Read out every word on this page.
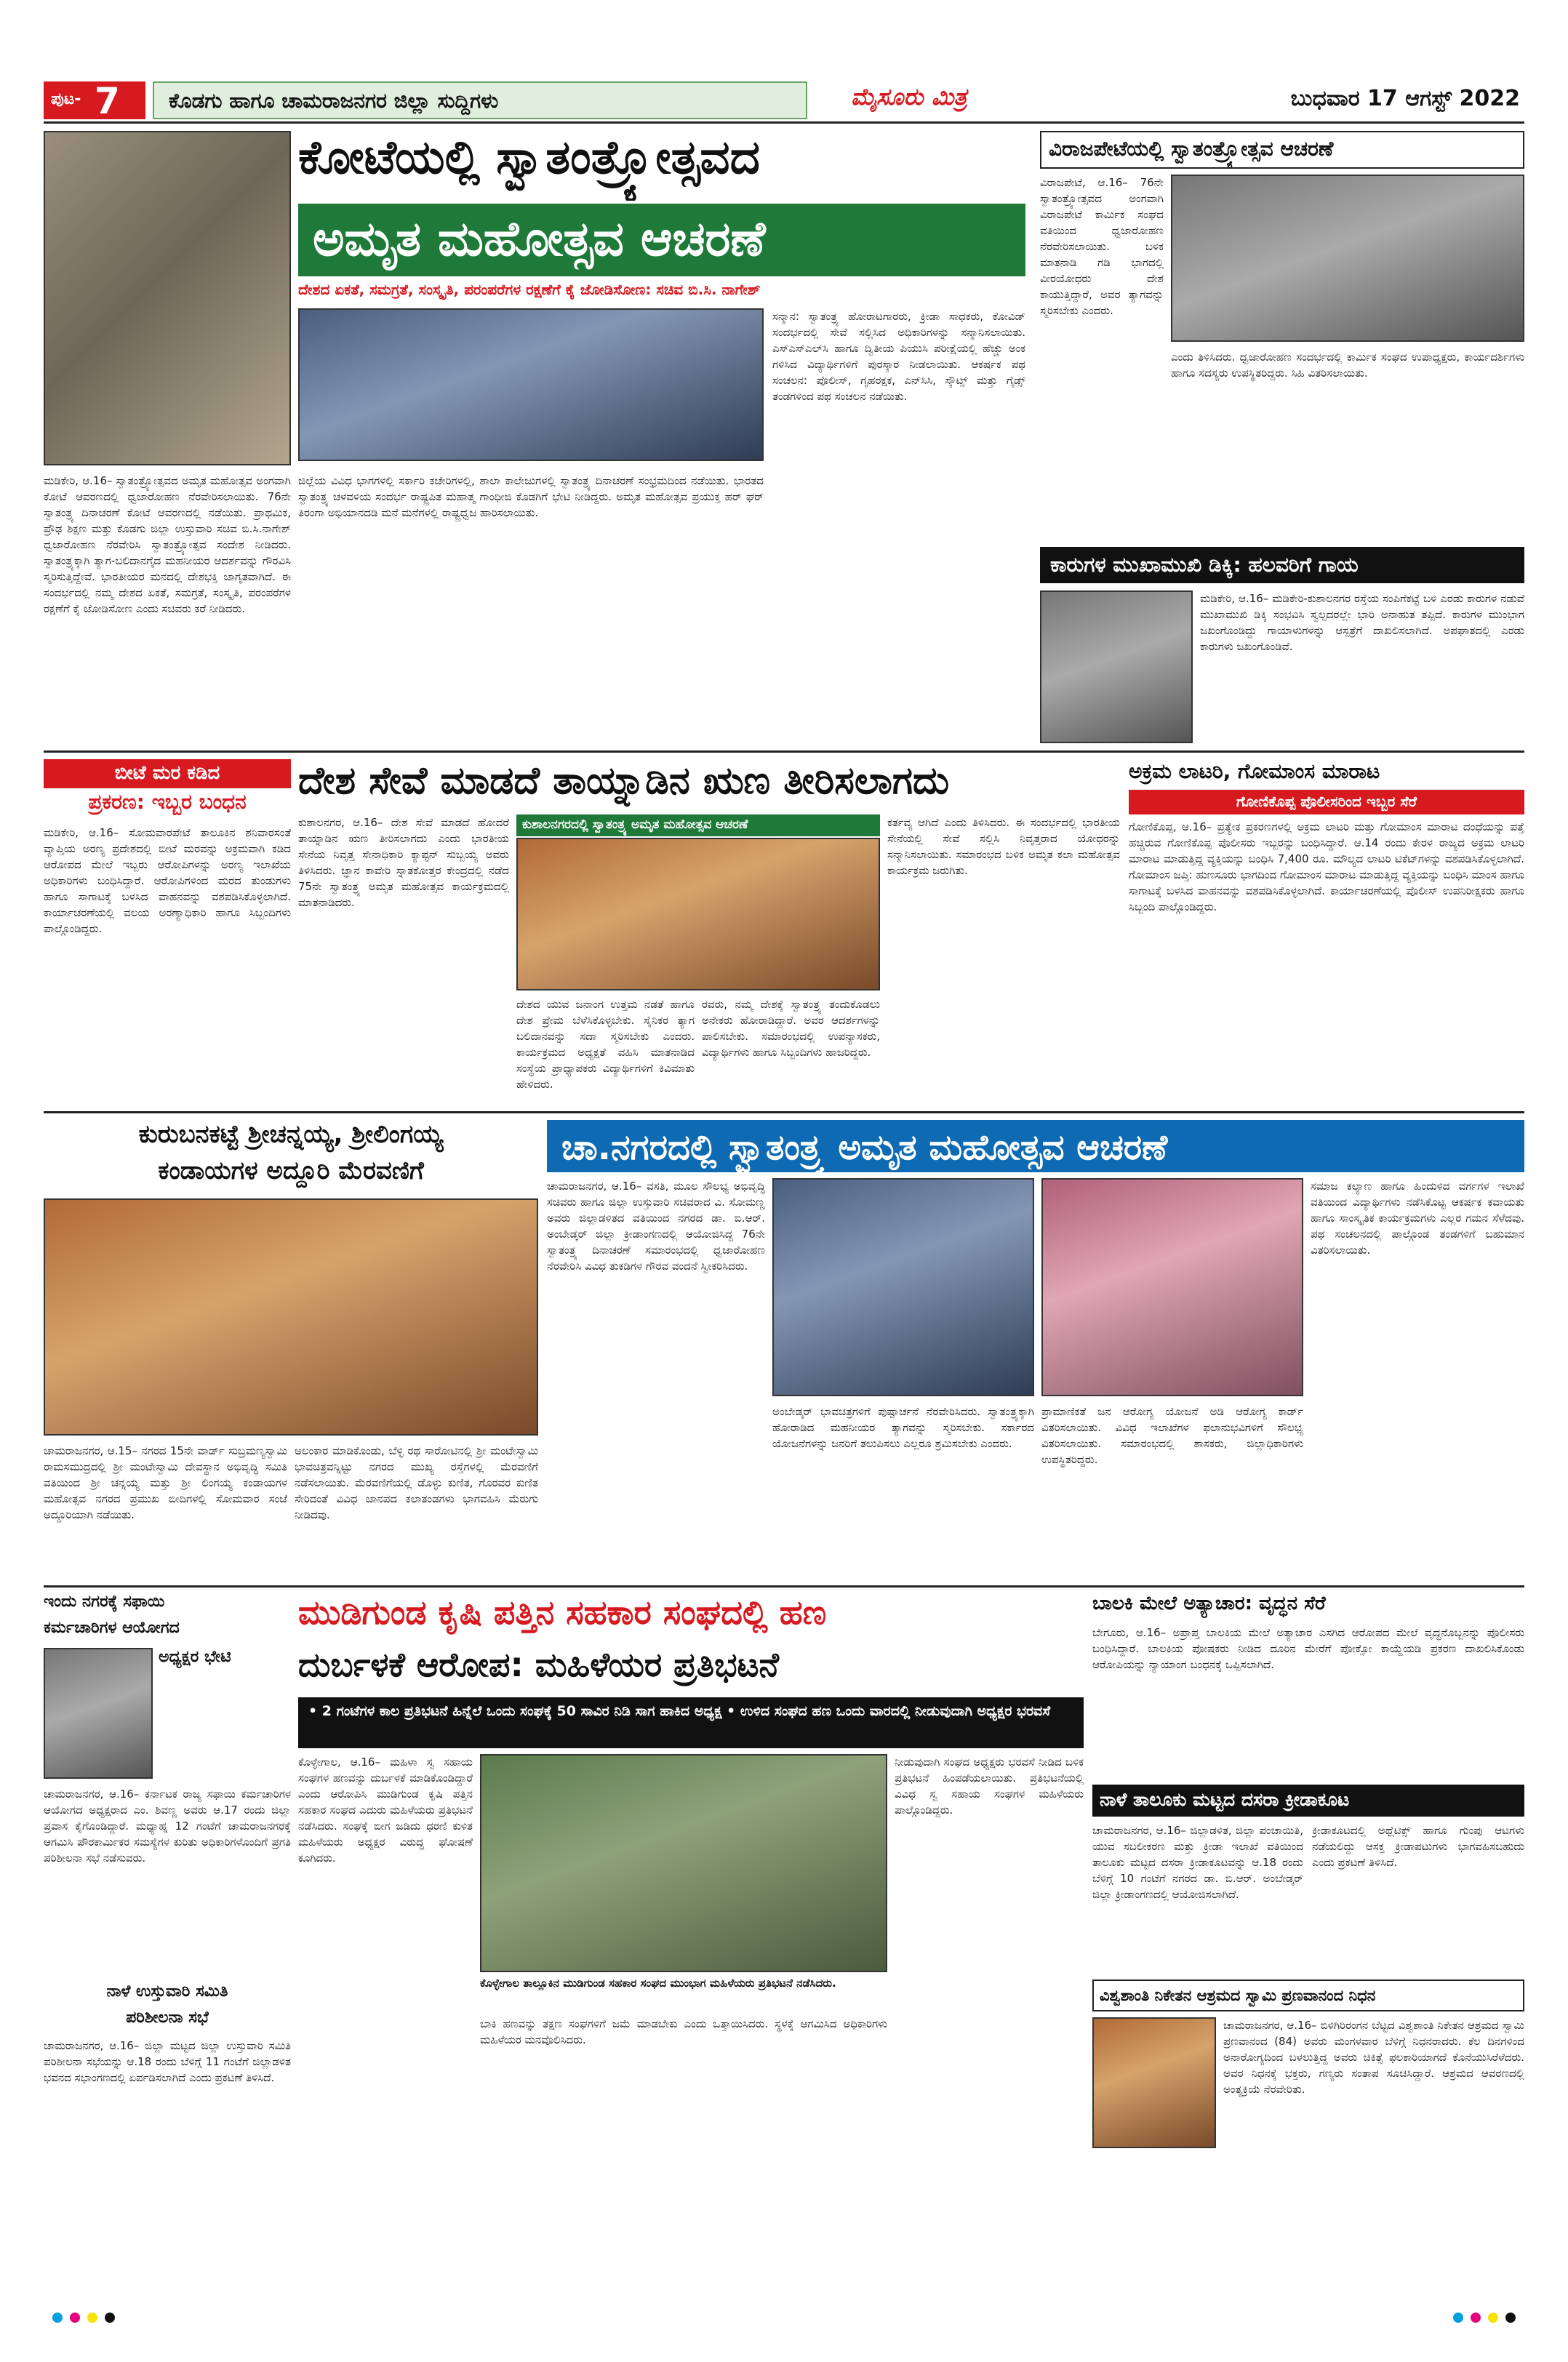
ಪುಟ- 7 ಕೊಡಗು ಹಾಗೂ ಚಾಮರಾಜನಗರ ಜಿಲ್ಲಾ ಸುದ್ದಿಗಳು	ಮೈಸೂರು ಮಿತ್ರ	ಬುಧವಾರ 17 ಆಗಸ್ಟ್ 2022
ಕೋಟೆಯಲ್ಲಿ ಸ್ವಾತಂತ್ರ್ಯೋತ್ಸವದ
ಅಮೃತ ಮಹೋತ್ಸವ ಆಚರಣೆ
ದೇಶದ ಏಕತೆ, ಸಮಗ್ರತೆ, ಸಂಸ್ಕೃತಿ, ಪರಂಪರೆಗಳ ರಕ್ಷಣೆಗೆ ಕೈ ಜೋಡಿಸೋಣ: ಸಚಿವ ಬಿ.ಸಿ. ನಾಗೇಶ್
ಸನ್ಮಾನ: ಸ್ವಾತಂತ್ರ್ಯ ಹೋರಾಟಗಾರರು, ಕ್ರೀಡಾ ಸಾಧಕರು, ಕೋವಿಡ್ ಸಂದರ್ಭದಲ್ಲಿ ಸೇವೆ ಸಲ್ಲಿಸಿದ ಅಧಿಕಾರಿಗಳನ್ನು ಸನ್ಮಾನಿಸಲಾಯಿತು. ಎಸ್‌ಎಸ್‌ಎಲ್‌ಸಿ ಹಾಗೂ ದ್ವಿತೀಯ ಪಿಯುಸಿ ಪರೀಕ್ಷೆಯಲ್ಲಿ ಹೆಚ್ಚು ಅಂಕ ಗಳಿಸಿದ ವಿದ್ಯಾರ್ಥಿಗಳಿಗೆ ಪುರಸ್ಕಾರ ನೀಡಲಾಯಿತು. ಆಕರ್ಷಕ ಪಥ ಸಂಚಲನ: ಪೊಲೀಸ್, ಗೃಹರಕ್ಷಕ, ಎನ್‌ಸಿಸಿ, ಸ್ಕೌಟ್ಸ್ ಮತ್ತು ಗೈಡ್ಸ್ ತಂಡಗಳಿಂದ ಪಥ ಸಂಚಲನ ನಡೆಯಿತು.
ಮಡಿಕೇರಿ, ಆ.16– ಸ್ವಾತಂತ್ರ್ಯೋತ್ಸವದ ಅಮೃತ ಮಹೋತ್ಸವ ಅಂಗವಾಗಿ ಕೋಟೆ ಆವರಣದಲ್ಲಿ ಧ್ವಜಾರೋಹಣ ನೆರವೇರಿಸಲಾಯಿತು. 76ನೇ ಸ್ವಾತಂತ್ರ್ಯ ದಿನಾಚರಣೆ ಕೋಟೆ ಆವರಣದಲ್ಲಿ ನಡೆಯಿತು. ಪ್ರಾಥಮಿಕ, ಪ್ರೌಢ ಶಿಕ್ಷಣ ಮತ್ತು ಕೊಡಗು ಜಿಲ್ಲಾ ಉಸ್ತುವಾರಿ ಸಚಿವ ಬಿ.ಸಿ.ನಾಗೇಶ್ ಧ್ವಜಾರೋಹಣ ನೆರವೇರಿಸಿ ಸ್ವಾತಂತ್ರ್ಯೋತ್ಸವ ಸಂದೇಶ ನೀಡಿದರು. ಸ್ವಾತಂತ್ರ್ಯಕ್ಕಾಗಿ ತ್ಯಾಗ-ಬಲಿದಾನಗೈದ ಮಹನೀಯರ ಆದರ್ಶವನ್ನು ಗೌರವಿಸಿ ಸ್ಮರಿಸುತ್ತಿದ್ದೇವೆ. ಭಾರತೀಯರ ಮನದಲ್ಲಿ ದೇಶಭಕ್ತಿ ಜಾಗೃತವಾಗಿದೆ. ಈ ಸಂದರ್ಭದಲ್ಲಿ ನಮ್ಮ ದೇಶದ ಏಕತೆ, ಸಮಗ್ರತೆ, ಸಂಸ್ಕೃತಿ, ಪರಂಪರೆಗಳ ರಕ್ಷಣೆಗೆ ಕೈ ಜೋಡಿಸೋಣ ಎಂದು ಸಚಿವರು ಕರೆ ನೀಡಿದರು.
ಜಿಲ್ಲೆಯ ವಿವಿಧ ಭಾಗಗಳಲ್ಲಿ ಸರ್ಕಾರಿ ಕಚೇರಿಗಳಲ್ಲಿ, ಶಾಲಾ ಕಾಲೇಜುಗಳಲ್ಲಿ ಸ್ವಾತಂತ್ರ್ಯ ದಿನಾಚರಣೆ ಸಂಭ್ರಮದಿಂದ ನಡೆಯಿತು. ಭಾರತದ ಸ್ವಾತಂತ್ರ್ಯ ಚಳವಳಿಯ ಸಂದರ್ಭ ರಾಷ್ಟ್ರಪಿತ ಮಹಾತ್ಮ ಗಾಂಧೀಜಿ ಕೊಡಗಿಗೆ ಭೇಟಿ ನೀಡಿದ್ದರು. ಅಮೃತ ಮಹೋತ್ಸವ ಪ್ರಯುಕ್ತ ಹರ್ ಘರ್ ತಿರಂಗಾ ಅಭಿಯಾನದಡಿ ಮನೆ ಮನೆಗಳಲ್ಲಿ ರಾಷ್ಟ್ರಧ್ವಜ ಹಾರಿಸಲಾಯಿತು.
ವಿರಾಜಪೇಟೆಯಲ್ಲಿ ಸ್ವಾತಂತ್ರ್ಯೋತ್ಸವ ಆಚರಣೆ
ವಿರಾಜಪೇಟೆ, ಆ.16– 76ನೇ ಸ್ವಾತಂತ್ರ್ಯೋತ್ಸವದ ಅಂಗವಾಗಿ ವಿರಾಜಪೇಟೆ ಕಾರ್ಮಿಕ ಸಂಘದ ವತಿಯಿಂದ ಧ್ವಜಾರೋಹಣ ನೆರವೇರಿಸಲಾಯಿತು. ಬಳಿಕ ಮಾತನಾಡಿ ಗಡಿ ಭಾಗದಲ್ಲಿ ವೀರಯೋಧರು ದೇಶ ಕಾಯುತ್ತಿದ್ದಾರೆ, ಅವರ ತ್ಯಾಗವನ್ನು ಸ್ಮರಿಸಬೇಕು ಎಂದರು.
ಎಂದು ತಿಳಿಸಿದರು. ಧ್ವಜಾರೋಹಣ ಸಂದರ್ಭದಲ್ಲಿ ಕಾರ್ಮಿಕ ಸಂಘದ ಉಪಾಧ್ಯಕ್ಷರು, ಕಾರ್ಯದರ್ಶಿಗಳು ಹಾಗೂ ಸದಸ್ಯರು ಉಪಸ್ಥಿತರಿದ್ದರು. ಸಿಹಿ ವಿತರಿಸಲಾಯಿತು.
ಕಾರುಗಳ ಮುಖಾಮುಖಿ ಡಿಕ್ಕಿ: ಹಲವರಿಗೆ ಗಾಯ
ಮಡಿಕೇರಿ, ಆ.16– ಮಡಿಕೇರಿ-ಕುಶಾಲನಗರ ರಸ್ತೆಯ ಸಂಪಿಗೆಕಟ್ಟೆ ಬಳಿ ಎರಡು ಕಾರುಗಳ ನಡುವೆ ಮುಖಾಮುಖಿ ಡಿಕ್ಕಿ ಸಂಭವಿಸಿ ಸ್ವಲ್ಪದರಲ್ಲೇ ಭಾರಿ ಅನಾಹುತ ತಪ್ಪಿದೆ. ಕಾರುಗಳ ಮುಂಭಾಗ ಜಖಂಗೊಂಡಿದ್ದು ಗಾಯಾಳುಗಳನ್ನು ಆಸ್ಪತ್ರೆಗೆ ದಾಖಲಿಸಲಾಗಿದೆ. ಅಪಘಾತದಲ್ಲಿ ಎರಡು ಕಾರುಗಳು ಜಖಂಗೊಂಡಿವೆ.
ಬೀಟೆ ಮರ ಕಡಿದ
ಪ್ರಕರಣ: ಇಬ್ಬರ ಬಂಧನ
ಮಡಿಕೇರಿ, ಆ.16– ಸೋಮವಾರಪೇಟೆ ತಾಲೂಕಿನ ಶನಿವಾರಸಂತೆ ವ್ಯಾಪ್ತಿಯ ಅರಣ್ಯ ಪ್ರದೇಶದಲ್ಲಿ ಬೀಟೆ ಮರವನ್ನು ಅಕ್ರಮವಾಗಿ ಕಡಿದ ಆರೋಪದ ಮೇಲೆ ಇಬ್ಬರು ಆರೋಪಿಗಳನ್ನು ಅರಣ್ಯ ಇಲಾಖೆಯ ಅಧಿಕಾರಿಗಳು ಬಂಧಿಸಿದ್ದಾರೆ. ಆರೋಪಿಗಳಿಂದ ಮರದ ತುಂಡುಗಳು ಹಾಗೂ ಸಾಗಾಟಕ್ಕೆ ಬಳಸಿದ ವಾಹನವನ್ನು ವಶಪಡಿಸಿಕೊಳ್ಳಲಾಗಿದೆ. ಕಾರ್ಯಾಚರಣೆಯಲ್ಲಿ ವಲಯ ಅರಣ್ಯಾಧಿಕಾರಿ ಹಾಗೂ ಸಿಬ್ಬಂದಿಗಳು ಪಾಲ್ಗೊಂಡಿದ್ದರು.
ದೇಶ ಸೇವೆ ಮಾಡದೆ ತಾಯ್ನಾಡಿನ ಋಣ ತೀರಿಸಲಾಗದು
ಕುಶಾಲನಗರ, ಆ.16– ದೇಶ ಸೇವೆ ಮಾಡದೆ ಹೋದರೆ ತಾಯ್ನಾಡಿನ ಋಣ ತೀರಿಸಲಾಗದು ಎಂದು ಭಾರತೀಯ ಸೇನೆಯ ನಿವೃತ್ತ ಸೇನಾಧಿಕಾರಿ ಕ್ಯಾಪ್ಟನ್ ಸುಬ್ಬಯ್ಯ ಅವರು ತಿಳಿಸಿದರು. ಜ್ಞಾನ ಕಾವೇರಿ ಸ್ನಾತಕೋತ್ತರ ಕೇಂದ್ರದಲ್ಲಿ ನಡೆದ 75ನೇ ಸ್ವಾತಂತ್ರ್ಯ ಅಮೃತ ಮಹೋತ್ಸವ ಕಾರ್ಯಕ್ರಮದಲ್ಲಿ ಮಾತನಾಡಿದರು.
ಕುಶಾಲನಗರದಲ್ಲಿ ಸ್ವಾತಂತ್ರ್ಯ ಅಮೃತ ಮಹೋತ್ಸವ ಆಚರಣೆ
ದೇಶದ ಯುವ ಜನಾಂಗ ಉತ್ತಮ ನಡತೆ ಹಾಗೂ ದೇಶ ಪ್ರೇಮ ಬೆಳೆಸಿಕೊಳ್ಳಬೇಕು. ಸೈನಿಕರ ತ್ಯಾಗ ಬಲಿದಾನವನ್ನು ಸದಾ ಸ್ಮರಿಸಬೇಕು ಎಂದರು. ಕಾರ್ಯಕ್ರಮದ ಅಧ್ಯಕ್ಷತೆ ವಹಿಸಿ ಮಾತನಾಡಿದ ಸಂಸ್ಥೆಯ ಪ್ರಾಧ್ಯಾಪಕರು ವಿದ್ಯಾರ್ಥಿಗಳಿಗೆ ಕಿವಿಮಾತು ಹೇಳಿದರು.
ರವರು, ನಮ್ಮ ದೇಶಕ್ಕೆ ಸ್ವಾತಂತ್ರ್ಯ ತಂದುಕೊಡಲು ಅನೇಕರು ಹೋರಾಡಿದ್ದಾರೆ. ಅವರ ಆದರ್ಶಗಳನ್ನು ಪಾಲಿಸಬೇಕು. ಸಮಾರಂಭದಲ್ಲಿ ಉಪನ್ಯಾಸಕರು, ವಿದ್ಯಾರ್ಥಿಗಳು ಹಾಗೂ ಸಿಬ್ಬಂದಿಗಳು ಹಾಜರಿದ್ದರು.
ಕರ್ತವ್ಯ ಆಗಿದೆ ಎಂದು ತಿಳಿಸಿದರು. ಈ ಸಂದರ್ಭದಲ್ಲಿ ಭಾರತೀಯ ಸೇನೆಯಲ್ಲಿ ಸೇವೆ ಸಲ್ಲಿಸಿ ನಿವೃತ್ತರಾದ ಯೋಧರನ್ನು ಸನ್ಮಾನಿಸಲಾಯಿತು. ಸಮಾರಂಭದ ಬಳಿಕ ಅಮೃತ ಕಲಾ ಮಹೋತ್ಸವ ಕಾರ್ಯಕ್ರಮ ಜರುಗಿತು.
ಅಕ್ರಮ ಲಾಟರಿ, ಗೋಮಾಂಸ ಮಾರಾಟ
ಗೋಣಿಕೊಪ್ಪ ಪೊಲೀಸರಿಂದ ಇಬ್ಬರ ಸೆರೆ
ಗೋಣಿಕೊಪ್ಪ, ಆ.16– ಪ್ರತ್ಯೇಕ ಪ್ರಕರಣಗಳಲ್ಲಿ ಅಕ್ರಮ ಲಾಟರಿ ಮತ್ತು ಗೋಮಾಂಸ ಮಾರಾಟ ದಂಧೆಯನ್ನು ಪತ್ತೆ ಹಚ್ಚಿರುವ ಗೋಣಿಕೊಪ್ಪ ಪೊಲೀಸರು ಇಬ್ಬರನ್ನು ಬಂಧಿಸಿದ್ದಾರೆ. ಆ.14 ರಂದು ಕೇರಳ ರಾಜ್ಯದ ಅಕ್ರಮ ಲಾಟರಿ ಮಾರಾಟ ಮಾಡುತ್ತಿದ್ದ ವ್ಯಕ್ತಿಯನ್ನು ಬಂಧಿಸಿ 7,400 ರೂ. ಮೌಲ್ಯದ ಲಾಟರಿ ಟಿಕೆಟ್‌ಗಳನ್ನು ವಶಪಡಿಸಿಕೊಳ್ಳಲಾಗಿದೆ. ಗೋಮಾಂಸ ಜಪ್ತಿ: ಹುಣಸೂರು ಭಾಗದಿಂದ ಗೋಮಾಂಸ ಮಾರಾಟ ಮಾಡುತ್ತಿದ್ದ ವ್ಯಕ್ತಿಯನ್ನು ಬಂಧಿಸಿ ಮಾಂಸ ಹಾಗೂ ಸಾಗಾಟಕ್ಕೆ ಬಳಸಿದ ವಾಹನವನ್ನು ವಶಪಡಿಸಿಕೊಳ್ಳಲಾಗಿದೆ. ಕಾರ್ಯಾಚರಣೆಯಲ್ಲಿ ಪೊಲೀಸ್ ಉಪನಿರೀಕ್ಷಕರು ಹಾಗೂ ಸಿಬ್ಬಂದಿ ಪಾಲ್ಗೊಂಡಿದ್ದರು.
ಕುರುಬನಕಟ್ಟೆ ಶ್ರೀಚನ್ನಯ್ಯ, ಶ್ರೀಲಿಂಗಯ್ಯ
ಕಂಡಾಯಗಳ ಅದ್ದೂರಿ ಮೆರವಣಿಗೆ
ಚಾಮರಾಜನಗರ, ಆ.15– ನಗರದ 15ನೇ ವಾರ್ಡ್ ಸುಬ್ರಮಣ್ಯಸ್ವಾಮಿ ರಾಮಸಮುದ್ರದಲ್ಲಿ ಶ್ರೀ ಮಂಟೇಸ್ವಾಮಿ ದೇವಸ್ಥಾನ ಅಭಿವೃದ್ಧಿ ಸಮಿತಿ ವತಿಯಿಂದ ಶ್ರೀ ಚನ್ನಯ್ಯ ಮತ್ತು ಶ್ರೀ ಲಿಂಗಯ್ಯ ಕಂಡಾಯಗಳ ಮಹೋತ್ಸವ ನಗರದ ಪ್ರಮುಖ ಬೀದಿಗಳಲ್ಲಿ ಸೋಮವಾರ ಸಂಜೆ ಅದ್ದೂರಿಯಾಗಿ ನಡೆಯಿತು.
ಅಲಂಕಾರ ಮಾಡಿಕೊಂಡು, ಬೆಳ್ಳಿ ರಥ ಸಾರೋಟಿನಲ್ಲಿ ಶ್ರೀ ಮಂಟೇಸ್ವಾಮಿ ಭಾವಚಿತ್ರವನ್ನಿಟ್ಟು ನಗರದ ಮುಖ್ಯ ರಸ್ತೆಗಳಲ್ಲಿ ಮೆರವಣಿಗೆ ನಡೆಸಲಾಯಿತು. ಮೆರವಣಿಗೆಯಲ್ಲಿ ಡೊಳ್ಳು ಕುಣಿತ, ಗೊರವರ ಕುಣಿತ ಸೇರಿದಂತೆ ವಿವಿಧ ಜಾನಪದ ಕಲಾತಂಡಗಳು ಭಾಗವಹಿಸಿ ಮೆರುಗು ನೀಡಿದವು.
ಚಾ.ನಗರದಲ್ಲಿ ಸ್ವಾತಂತ್ರ್ಯ ಅಮೃತ ಮಹೋತ್ಸವ ಆಚರಣೆ
ಚಾಮರಾಜನಗರ, ಆ.16– ವಸತಿ, ಮೂಲ ಸೌಲಭ್ಯ ಅಭಿವೃದ್ಧಿ ಸಚಿವರು ಹಾಗೂ ಜಿಲ್ಲಾ ಉಸ್ತುವಾರಿ ಸಚಿವರಾದ ವಿ. ಸೋಮಣ್ಣ ಅವರು ಜಿಲ್ಲಾಡಳಿತದ ವತಿಯಿಂದ ನಗರದ ಡಾ. ಬಿ.ಆರ್. ಅಂಬೇಡ್ಕರ್ ಜಿಲ್ಲಾ ಕ್ರೀಡಾಂಗಣದಲ್ಲಿ ಆಯೋಜಿಸಿದ್ದ 76ನೇ ಸ್ವಾತಂತ್ರ್ಯ ದಿನಾಚರಣೆ ಸಮಾರಂಭದಲ್ಲಿ ಧ್ವಜಾರೋಹಣ ನೆರವೇರಿಸಿ ವಿವಿಧ ತುಕಡಿಗಳ ಗೌರವ ವಂದನೆ ಸ್ವೀಕರಿಸಿದರು.
ಸಮಾಜ ಕಲ್ಯಾಣ ಹಾಗೂ ಹಿಂದುಳಿದ ವರ್ಗಗಳ ಇಲಾಖೆ ವತಿಯಿಂದ ವಿದ್ಯಾರ್ಥಿಗಳು ನಡೆಸಿಕೊಟ್ಟ ಆಕರ್ಷಕ ಕವಾಯತು ಹಾಗೂ ಸಾಂಸ್ಕೃತಿಕ ಕಾರ್ಯಕ್ರಮಗಳು ಎಲ್ಲರ ಗಮನ ಸೆಳೆದವು. ಪಥ ಸಂಚಲನದಲ್ಲಿ ಪಾಲ್ಗೊಂಡ ತಂಡಗಳಿಗೆ ಬಹುಮಾನ ವಿತರಿಸಲಾಯಿತು.
ಅಂಬೇಡ್ಕರ್ ಭಾವಚಿತ್ರಗಳಿಗೆ ಪುಷ್ಪಾರ್ಚನೆ ನೆರವೇರಿಸಿದರು. ಸ್ವಾತಂತ್ರ್ಯಕ್ಕಾಗಿ ಹೋರಾಡಿದ ಮಹನೀಯರ ತ್ಯಾಗವನ್ನು ಸ್ಮರಿಸಬೇಕು. ಸರ್ಕಾರದ ಯೋಜನೆಗಳನ್ನು ಜನರಿಗೆ ತಲುಪಿಸಲು ಎಲ್ಲರೂ ಶ್ರಮಿಸಬೇಕು ಎಂದರು.
ಪ್ರಾಮಾಣಿಕತೆ ಜನ ಆರೋಗ್ಯ ಯೋಜನೆ ಅಡಿ ಆರೋಗ್ಯ ಕಾರ್ಡ್ ವಿತರಿಸಲಾಯಿತು. ವಿವಿಧ ಇಲಾಖೆಗಳ ಫಲಾನುಭವಿಗಳಿಗೆ ಸೌಲಭ್ಯ ವಿತರಿಸಲಾಯಿತು. ಸಮಾರಂಭದಲ್ಲಿ ಶಾಸಕರು, ಜಿಲ್ಲಾಧಿಕಾರಿಗಳು ಉಪಸ್ಥಿತರಿದ್ದರು.
ಇಂದು ನಗರಕ್ಕೆ ಸಫಾಯಿ
ಕರ್ಮಚಾರಿಗಳ ಆಯೋಗದ
ಅಧ್ಯಕ್ಷರ ಭೇಟಿ
ಚಾಮರಾಜನಗರ, ಆ.16– ಕರ್ನಾಟಕ ರಾಜ್ಯ ಸಫಾಯಿ ಕರ್ಮಚಾರಿಗಳ ಆಯೋಗದ ಅಧ್ಯಕ್ಷರಾದ ಎಂ. ಶಿವಣ್ಣ ಅವರು ಆ.17 ರಂದು ಜಿಲ್ಲಾ ಪ್ರವಾಸ ಕೈಗೊಂಡಿದ್ದಾರೆ. ಮಧ್ಯಾಹ್ನ 12 ಗಂಟೆಗೆ ಚಾಮರಾಜನಗರಕ್ಕೆ ಆಗಮಿಸಿ ಪೌರಕಾರ್ಮಿಕರ ಸಮಸ್ಯೆಗಳ ಕುರಿತು ಅಧಿಕಾರಿಗಳೊಂದಿಗೆ ಪ್ರಗತಿ ಪರಿಶೀಲನಾ ಸಭೆ ನಡೆಸುವರು.
ನಾಳೆ ಉಸ್ತುವಾರಿ ಸಮಿತಿ
ಪರಿಶೀಲನಾ ಸಭೆ
ಚಾಮರಾಜನಗರ, ಆ.16– ಜಿಲ್ಲಾ ಮಟ್ಟದ ಜಿಲ್ಲಾ ಉಸ್ತುವಾರಿ ಸಮಿತಿ ಪರಿಶೀಲನಾ ಸಭೆಯನ್ನು ಆ.18 ರಂದು ಬೆಳಿಗ್ಗೆ 11 ಗಂಟೆಗೆ ಜಿಲ್ಲಾಡಳಿತ ಭವನದ ಸಭಾಂಗಣದಲ್ಲಿ ಏರ್ಪಡಿಸಲಾಗಿದೆ ಎಂದು ಪ್ರಕಟಣೆ ತಿಳಿಸಿದೆ.
ಮುಡಿಗುಂಡ ಕೃಷಿ ಪತ್ತಿನ ಸಹಕಾರ ಸಂಘದಲ್ಲಿ ಹಣ
ದುರ್ಬಳಕೆ ಆರೋಪ: ಮಹಿಳೆಯರ ಪ್ರತಿಭಟನೆ
• 2 ಗಂಟೆಗಳ ಕಾಲ ಪ್ರತಿಭಟನೆ ಹಿನ್ನೆಲೆ ಒಂದು ಸಂಘಕ್ಕೆ 50 ಸಾವಿರ ನಿಡಿ ಸಾಗ ಹಾಕಿದ ಅಧ್ಯಕ್ಷ • ಉಳಿದ ಸಂಘದ ಹಣ ಒಂದು ವಾರದಲ್ಲಿ ನೀಡುವುದಾಗಿ ಅಧ್ಯಕ್ಷರ ಭರವಸೆ
ಕೊಳ್ಳೇಗಾಲ, ಆ.16– ಮಹಿಳಾ ಸ್ವ ಸಹಾಯ ಸಂಘಗಳ ಹಣವನ್ನು ದುರ್ಬಳಕೆ ಮಾಡಿಕೊಂಡಿದ್ದಾರೆ ಎಂದು ಆರೋಪಿಸಿ ಮುಡಿಗುಂಡ ಕೃಷಿ ಪತ್ತಿನ ಸಹಕಾರ ಸಂಘದ ಎದುರು ಮಹಿಳೆಯರು ಪ್ರತಿಭಟನೆ ನಡೆಸಿದರು. ಸಂಘಕ್ಕೆ ಬೀಗ ಜಡಿದು ಧರಣಿ ಕುಳಿತ ಮಹಿಳೆಯರು ಅಧ್ಯಕ್ಷರ ವಿರುದ್ಧ ಘೋಷಣೆ ಕೂಗಿದರು.
ಕೊಳ್ಳೇಗಾಲ ತಾಲ್ಲೂಕಿನ ಮುಡಿಗುಂಡ ಸಹಕಾರ ಸಂಘದ ಮುಂಭಾಗ ಮಹಿಳೆಯರು ಪ್ರತಿಭಟನೆ ನಡೆಸಿದರು.
ಬಾಕಿ ಹಣವನ್ನು ತಕ್ಷಣ ಸಂಘಗಳಿಗೆ ಜಮೆ ಮಾಡಬೇಕು ಎಂದು ಒತ್ತಾಯಿಸಿದರು. ಸ್ಥಳಕ್ಕೆ ಆಗಮಿಸಿದ ಅಧಿಕಾರಿಗಳು ಮಹಿಳೆಯರ ಮನವೊಲಿಸಿದರು.
ನೀಡುವುದಾಗಿ ಸಂಘದ ಅಧ್ಯಕ್ಷರು ಭರವಸೆ ನೀಡಿದ ಬಳಿಕ ಪ್ರತಿಭಟನೆ ಹಿಂಪಡೆಯಲಾಯಿತು. ಪ್ರತಿಭಟನೆಯಲ್ಲಿ ವಿವಿಧ ಸ್ವ ಸಹಾಯ ಸಂಘಗಳ ಮಹಿಳೆಯರು ಪಾಲ್ಗೊಂಡಿದ್ದರು.
ಬಾಲಕಿ ಮೇಲೆ ಅತ್ಯಾಚಾರ: ವೃದ್ಧನ ಸೆರೆ
ಬೇಗೂರು, ಆ.16– ಅಪ್ರಾಪ್ತ ಬಾಲಕಿಯ ಮೇಲೆ ಅತ್ಯಾಚಾರ ಎಸಗಿದ ಆರೋಪದ ಮೇಲೆ ವೃದ್ಧನೊಬ್ಬನನ್ನು ಪೊಲೀಸರು ಬಂಧಿಸಿದ್ದಾರೆ. ಬಾಲಕಿಯ ಪೋಷಕರು ನೀಡಿದ ದೂರಿನ ಮೇರೆಗೆ ಪೋಕ್ಸೋ ಕಾಯ್ದೆಯಡಿ ಪ್ರಕರಣ ದಾಖಲಿಸಿಕೊಂಡು ಆರೋಪಿಯನ್ನು ನ್ಯಾಯಾಂಗ ಬಂಧನಕ್ಕೆ ಒಪ್ಪಿಸಲಾಗಿದೆ.
ನಾಳೆ ತಾಲೂಕು ಮಟ್ಟದ ದಸರಾ ಕ್ರೀಡಾಕೂಟ
ಚಾಮರಾಜನಗರ, ಆ.16– ಜಿಲ್ಲಾಡಳಿತ, ಜಿಲ್ಲಾ ಪಂಚಾಯಿತಿ, ಯುವ ಸಬಲೀಕರಣ ಮತ್ತು ಕ್ರೀಡಾ ಇಲಾಖೆ ವತಿಯಿಂದ ತಾಲೂಕು ಮಟ್ಟದ ದಸರಾ ಕ್ರೀಡಾಕೂಟವನ್ನು ಆ.18 ರಂದು ಬೆಳಿಗ್ಗೆ 10 ಗಂಟೆಗೆ ನಗರದ ಡಾ. ಬಿ.ಆರ್. ಅಂಬೇಡ್ಕರ್ ಜಿಲ್ಲಾ ಕ್ರೀಡಾಂಗಣದಲ್ಲಿ ಆಯೋಜಿಸಲಾಗಿದೆ.
ಕ್ರೀಡಾಕೂಟದಲ್ಲಿ ಅಥ್ಲೆಟಿಕ್ಸ್ ಹಾಗೂ ಗುಂಪು ಆಟಗಳು ನಡೆಯಲಿದ್ದು ಆಸಕ್ತ ಕ್ರೀಡಾಪಟುಗಳು ಭಾಗವಹಿಸಬಹುದು ಎಂದು ಪ್ರಕಟಣೆ ತಿಳಿಸಿದೆ.
ವಿಶ್ವಶಾಂತಿ ನಿಕೇತನ ಆಶ್ರಮದ ಸ್ವಾಮಿ ಪ್ರಣವಾನಂದ ನಿಧನ
ಚಾಮರಾಜನಗರ, ಆ.16– ಬಿಳಿಗಿರಿರಂಗನ ಬೆಟ್ಟದ ವಿಶ್ವಶಾಂತಿ ನಿಕೇತನ ಆಶ್ರಮದ ಸ್ವಾಮಿ ಪ್ರಣವಾನಂದ (84) ಅವರು ಮಂಗಳವಾರ ಬೆಳಿಗ್ಗೆ ನಿಧನರಾದರು. ಕೆಲ ದಿನಗಳಿಂದ ಅನಾರೋಗ್ಯದಿಂದ ಬಳಲುತ್ತಿದ್ದ ಅವರು ಚಿಕಿತ್ಸೆ ಫಲಕಾರಿಯಾಗದೆ ಕೊನೆಯುಸಿರೆಳೆದರು. ಅವರ ನಿಧನಕ್ಕೆ ಭಕ್ತರು, ಗಣ್ಯರು ಸಂತಾಪ ಸೂಚಿಸಿದ್ದಾರೆ. ಆಶ್ರಮದ ಆವರಣದಲ್ಲಿ ಅಂತ್ಯಕ್ರಿಯೆ ನೆರವೇರಿತು.
